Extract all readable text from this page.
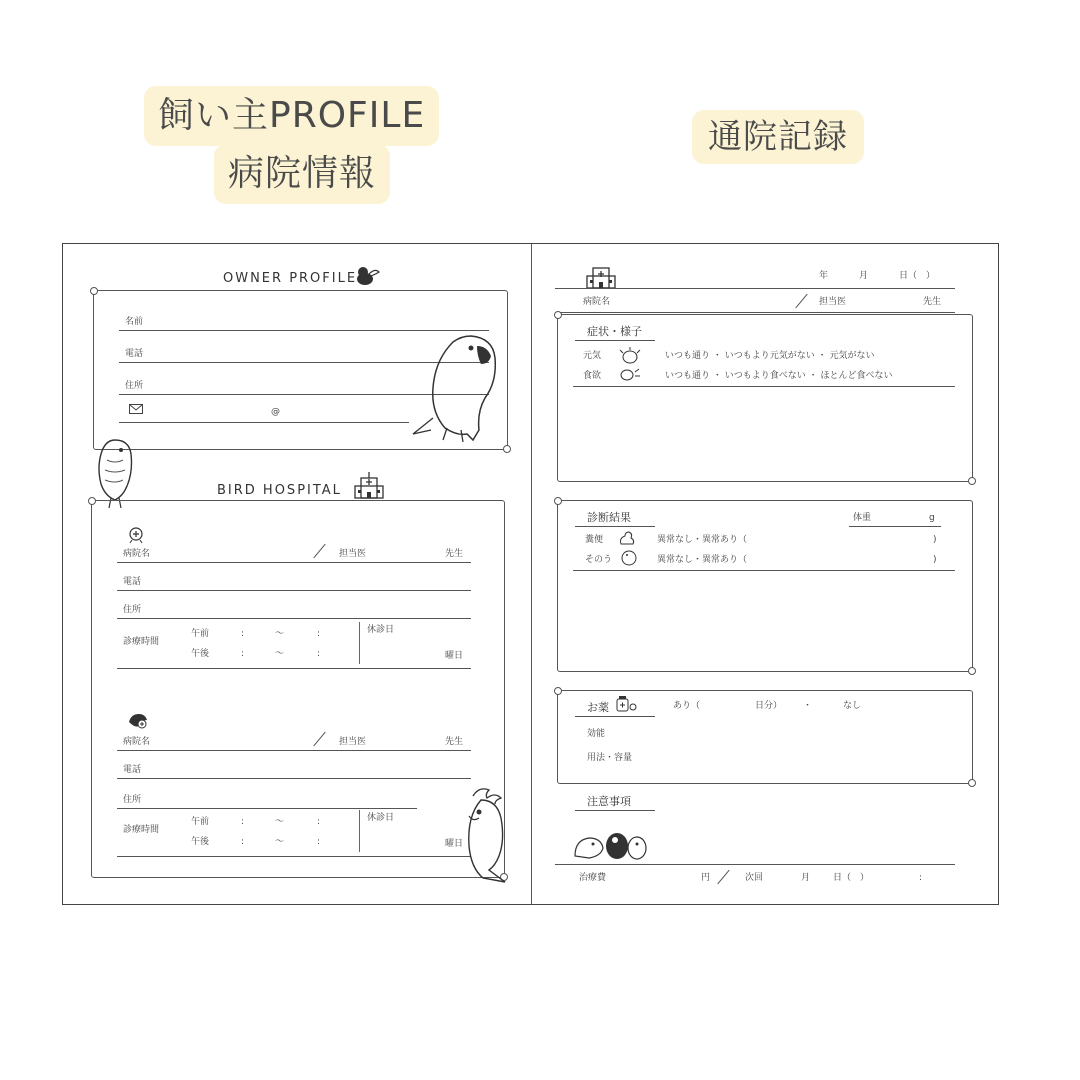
飼い主PROFILE
病院情報
通院記録
OWNER PROFILE
名前
電話
住所
@
BIRD HOSPITAL
病院名	担当医	先生
電話
住所
診療時間
午前	:	〜	:
午後	:	〜	:
休診日
曜日
病院名	担当医	先生
電話
住所
診療時間
午前	:	〜	:
午後	:	〜	:
休診日
曜日
年	月	日（　）
病院名	担当医	先生
症状・様子
元気	いつも通り ・ いつもより元気がない ・ 元気がない
食欲	いつも通り ・ いつもより食べない ・ ほとんど食べない
診断結果	体重	g
糞便	異常なし・異常あり（	)
そのう	異常なし・異常あり（	)
お薬	あり（	日分） ・	なし
効能
用法・容量
注意事項
治療費	円	次回	月	日（　）	:
